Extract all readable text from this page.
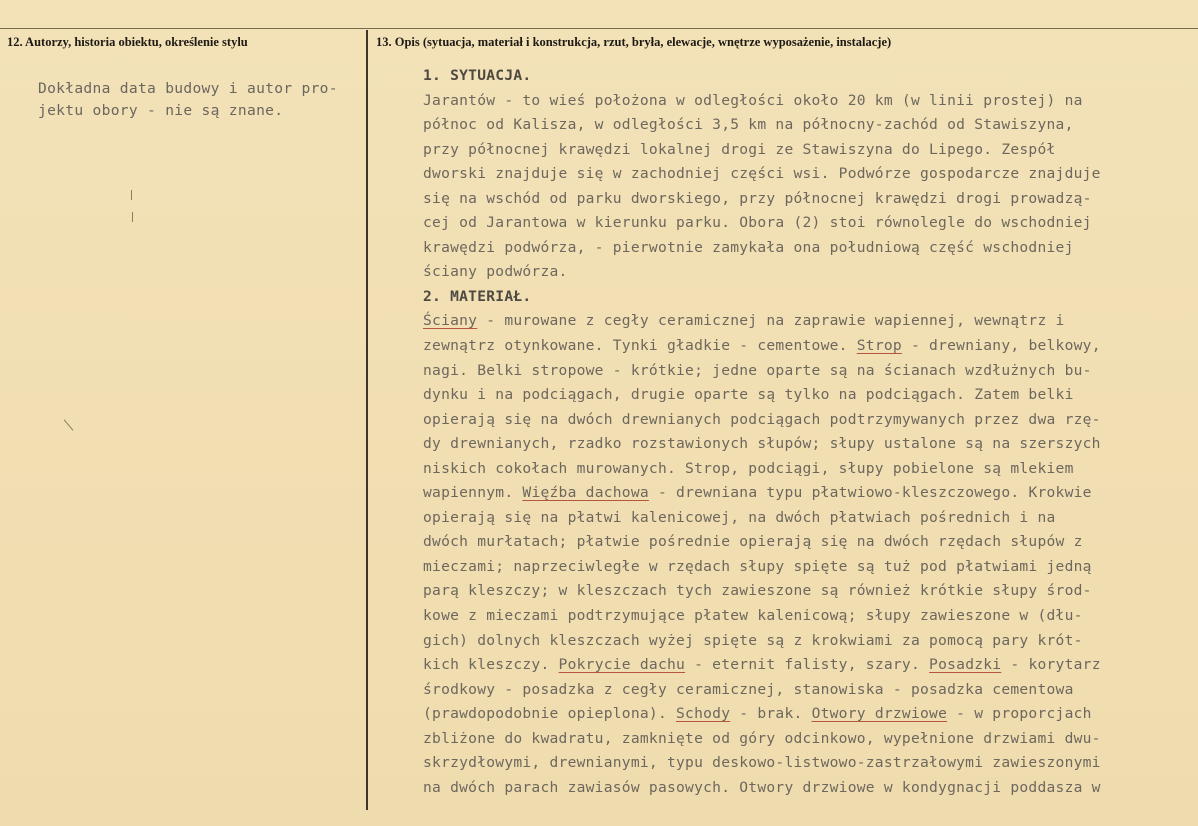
12. Autorzy, historia obiektu, określenie stylu	13. Opis (sytuacja, materiał i konstrukcja, rzut, bryła, elewacje, wnętrze wyposażenie, instalacje)
Dokładna data budowy i autor pro-
jektu obory - nie są znane.
1. SYTUACJA.
Jarantów - to wieś położona w odległości około 20 km (w linii prostej) na
północ od Kalisza, w odległości 3,5 km na północny-zachód od Stawiszyna,
przy północnej krawędzi lokalnej drogi ze Stawiszyna do Lipego. Zespół
dworski znajduje się w zachodniej części wsi. Podwórze gospodarcze znajduje
się na wschód od parku dworskiego, przy północnej krawędzi drogi prowadzą-
cej od Jarantowa w kierunku parku. Obora (2) stoi równolegle do wschodniej
krawędzi podwórza, - pierwotnie zamykała ona południową część wschodniej
ściany podwórza.
2. MATERIAŁ.
Ściany - murowane z cegły ceramicznej na zaprawie wapiennej, wewnątrz i
zewnątrz otynkowane. Tynki gładkie - cementowe. Strop - drewniany, belkowy,
nagi. Belki stropowe - krótkie; jedne oparte są na ścianach wzdłużnych bu-
dynku i na podciągach, drugie oparte są tylko na podciągach. Zatem belki
opierają się na dwóch drewnianych podciągach podtrzymywanych przez dwa rzę-
dy drewnianych, rzadko rozstawionych słupów; słupy ustalone są na szerszych
niskich cokołach murowanych. Strop, podciągi, słupy pobielone są mlekiem
wapiennym. Więźba dachowa - drewniana typu płatwiowo-kleszczowego. Krokwie
opierają się na płatwi kalenicowej, na dwóch płatwiach pośrednich i na
dwóch murłatach; płatwie pośrednie opierają się na dwóch rzędach słupów z
mieczami; naprzeciwległe w rzędach słupy spięte są tuż pod płatwiami jedną
parą kleszczy; w kleszczach tych zawieszone są również krótkie słupy środ-
kowe z mieczami podtrzymujące płatew kalenicową; słupy zawieszone w (dłu-
gich) dolnych kleszczach wyżej spięte są z krokwiami za pomocą pary krót-
kich kleszczy. Pokrycie dachu - eternit falisty, szary. Posadzki - korytarz
środkowy - posadzka z cegły ceramicznej, stanowiska - posadzka cementowa
(prawdopodobnie opieplona). Schody - brak. Otwory drzwiowe - w proporcjach
zbliżone do kwadratu, zamknięte od góry odcinkowo, wypełnione drzwiami dwu-
skrzydłowymi, drewnianymi, typu deskowo-listwowo-zastrzałowymi zawieszonymi
na dwóch parach zawiasów pasowych. Otwory drzwiowe w kondygnacji poddasza w
